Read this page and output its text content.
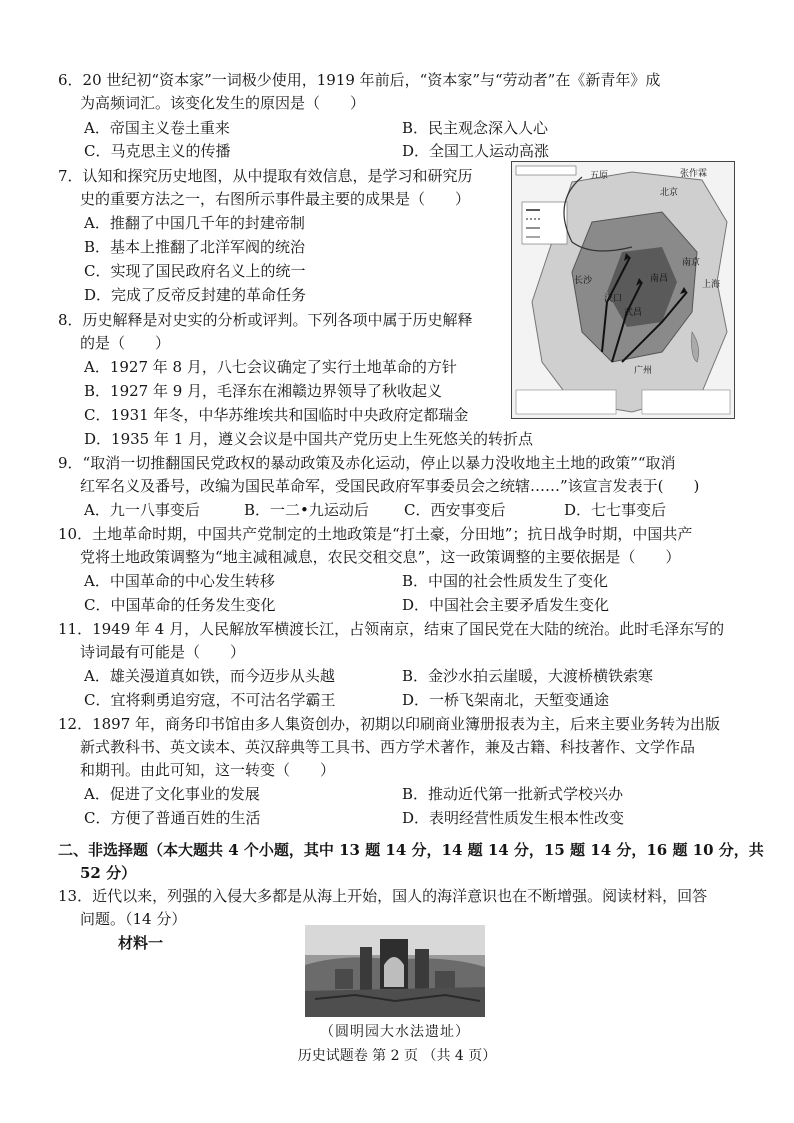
6．20 世纪初“资本家”一词极少使用，1919 年前后，“资本家”与“劳动者”在《新青年》成
为高频词汇。该变化发生的原因是（　　）
A．帝国主义卷土重来	B．民主观念深入人心
C．马克思主义的传播	D．全国工人运动高涨
7．认知和探究历史地图，从中提取有效信息，是学习和研究历
史的重要方法之一，右图所示事件最主要的成果是（　　）
A．推翻了中国几千年的封建帝制
B．基本上推翻了北洋军阀的统治
C．实现了国民政府名义上的统一
D．完成了反帝反封建的革命任务
五原	张作霖
北京
长沙	南昌
汉口
武昌
广州
南京
上海
8．历史解释是对史实的分析或评判。下列各项中属于历史解释
的是（　　）
A．1927 年 8 月，八七会议确定了实行土地革命的方针
B．1927 年 9 月，毛泽东在湘赣边界领导了秋收起义
C．1931 年冬，中华苏维埃共和国临时中央政府定都瑞金
D．1935 年 1 月，遵义会议是中国共产党历史上生死悠关的转折点
9．“取消一切推翻国民党政权的暴动政策及赤化运动，停止以暴力没收地主土地的政策”“取消
红军名义及番号，改编为国民革命军，受国民政府军事委员会之统辖……”该宣言发表于(　　)
A．九一八事变后	B．一二•九运动后 C．西安事变后	D．七七事变后
10．土地革命时期，中国共产党制定的土地政策是“打土豪，分田地”；抗日战争时期，中国共产
党将土地政策调整为“地主减租减息，农民交租交息”，这一政策调整的主要依据是（　　）
A．中国革命的中心发生转移	B．中国的社会性质发生了变化
C．中国革命的任务发生变化	D．中国社会主要矛盾发生变化
11．1949 年 4 月，人民解放军横渡长江，占领南京，结束了国民党在大陆的统治。此时毛泽东写的
诗词最有可能是（　　）
A．雄关漫道真如铁，而今迈步从头越	B．金沙水拍云崖暖，大渡桥横铁索寒
C．宜将剩勇追穷寇，不可沽名学霸王	D．一桥飞架南北，天堑变通途
12．1897 年，商务印书馆由多人集资创办，初期以印刷商业簿册报表为主，后来主要业务转为出版
新式教科书、英文读本、英汉辞典等工具书、西方学术著作，兼及古籍、科技著作、文学作品
和期刊。由此可知，这一转变（　　）
A．促进了文化事业的发展	B．推动近代第一批新式学校兴办
C．方便了普通百姓的生活	D．表明经营性质发生根本性改变
二、非选择题（本大题共 4 个小题，其中 13 题 14 分，14 题 14 分，15 题 14 分，16 题 10 分，共
52 分）
13．近代以来，列强的入侵大多都是从海上开始，国人的海洋意识也在不断增强。阅读材料，回答
问题。（14 分）
材料一
（圆明园大水法遗址）
历史试题卷 第 2 页 （共 4 页）
